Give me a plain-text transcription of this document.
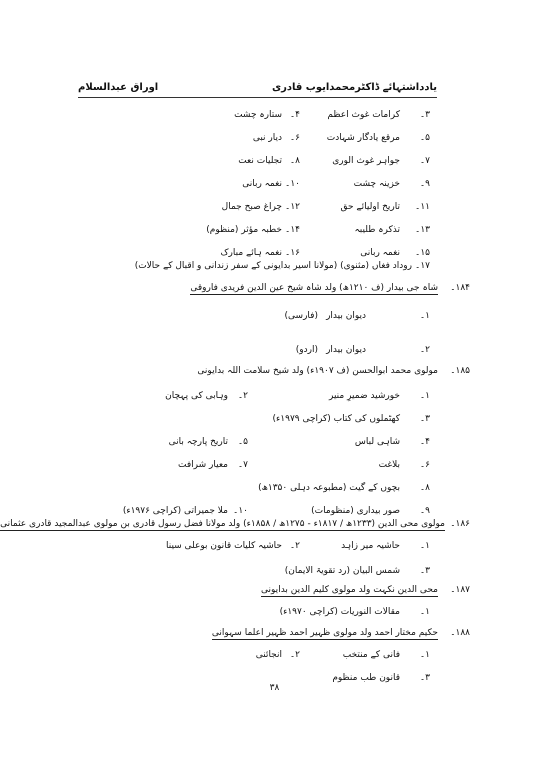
یادداشتہائے ڈاکٹرمحمدایوب قادری
اوراق عبدالسلام
۳۔
کرامات غوث اعظم
۴۔
ستارہ چشت
۵۔
مرقع یادگار شہادت
۶۔
دیار نبی
۷۔
جواہر غوث الوری
۸۔
تجلیات نعت
۹۔
خزینہ چشت
۱۰۔
نغمہ ربانی
۱۱۔
تاریخ اولیائے حق
۱۲۔
چراغ صبح جمال
۱۳۔
تذکرہ طلیبہ
۱۴۔
خطبہ مؤثر (منظوم)
۱۵۔
نغمہ ربانی
۱۶۔
نغمہ ہائے مبارک
۱۷۔
روداد فغاں (مثنوی) (مولانا اسیر بدایونی کے سفر زندانی و اقبال کے حالات)
۱۸۴۔
شاہ جی بیدار (ف ۱۲۱۰ھ) ولد شاہ شیخ عین الدین فریدی فاروقی
۱۔
دیوان بیدار
(فارسی)
۲۔
دیوان بیدار
(اردو)
۱۸۵۔
مولوی محمد ابوالحسن (ف ۱۹۰۷ء) ولد شیخ سلامت اللہ بدایونی
۱۔
خورشید ضمیرِ منیر
۲۔
وہابی کی پہچان
۳۔
کھٹملوں کی کتاب (کراچی ۱۹۷۹ء)
۴۔
شاہی لباس
۵۔
تاریخ پارچہ بانی
۶۔
بلاغت
۷۔
معیار شرافت
۸۔
بچوں کے گیت (مطبوعہ دہلی ۱۳۵۰ھ)
۹۔
صور بیداری (منظومات)
۱۰۔
ملا جمیراتی (کراچی ۱۹۷۶ء)
۱۸۶۔
مولوی محی الدین (۱۲۳۳ھ / ۱۸۱۷ء - ۱۲۷۵ھ / ۱۸۵۸ء) ولد مولانا فضل رسول قادری بن مولوی عبدالمجید قادری عثمانی
۱۔
حاشیہ میر زاہد
۲۔
حاشیہ کلیات قانون بوعلی سینا
۳۔
شمس البیان (رد تقویۃ الایمان)
۱۸۷۔
محی الدین نکہت ولد مولوی کلیم الدین بدایونی
۱۔
مقالات النوریات (کراچی ۱۹۷۰ء)
۱۸۸۔
حکیم مختار احمد ولد مولوی ظہیر احمد ظہیر اعلما سہوانی
۱۔
فانی کے منتخب
۲۔
انجائنی
۳۔
قانون طب منظوم
۳۸
